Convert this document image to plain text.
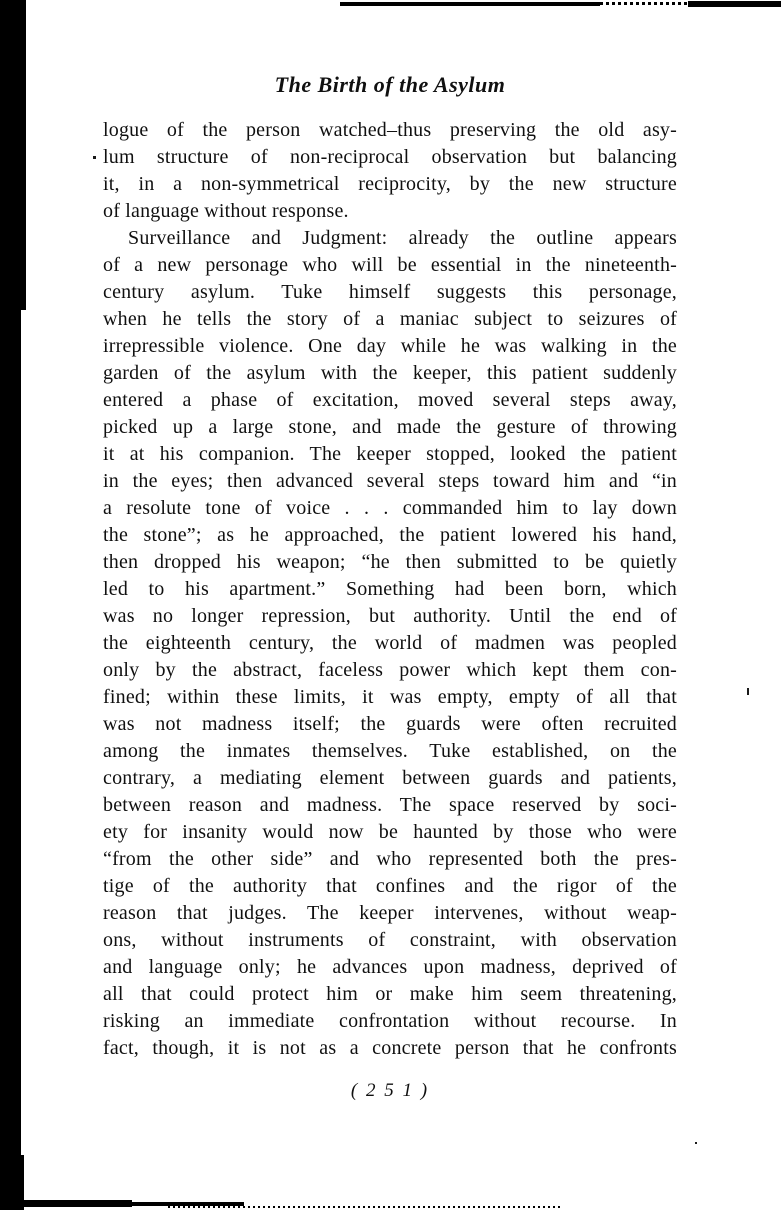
The Birth of the Asylum
logue of the person watched–thus preserving the old asy-
lum structure of non-reciprocal observation but balancing
it, in a non-symmetrical reciprocity, by the new structure
of language without response.
Surveillance and Judgment: already the outline appears
of a new personage who will be essential in the nineteenth-
century asylum. Tuke himself suggests this personage,
when he tells the story of a maniac subject to seizures of
irrepressible violence. One day while he was walking in the
garden of the asylum with the keeper, this patient suddenly
entered a phase of excitation, moved several steps away,
picked up a large stone, and made the gesture of throwing
it at his companion. The keeper stopped, looked the patient
in the eyes; then advanced several steps toward him and “in
a resolute tone of voice . . . commanded him to lay down
the stone”; as he approached, the patient lowered his hand,
then dropped his weapon; “he then submitted to be quietly
led to his apartment.” Something had been born, which
was no longer repression, but authority. Until the end of
the eighteenth century, the world of madmen was peopled
only by the abstract, faceless power which kept them con-
fined; within these limits, it was empty, empty of all that
was not madness itself; the guards were often recruited
among the inmates themselves. Tuke established, on the
contrary, a mediating element between guards and patients,
between reason and madness. The space reserved by soci-
ety for insanity would now be haunted by those who were
“from the other side” and who represented both the pres-
tige of the authority that confines and the rigor of the
reason that judges. The keeper intervenes, without weap-
ons, without instruments of constraint, with observation
and language only; he advances upon madness, deprived of
all that could protect him or make him seem threatening,
risking an immediate confrontation without recourse. In
fact, though, it is not as a concrete person that he confronts
( 2 5 1 )
